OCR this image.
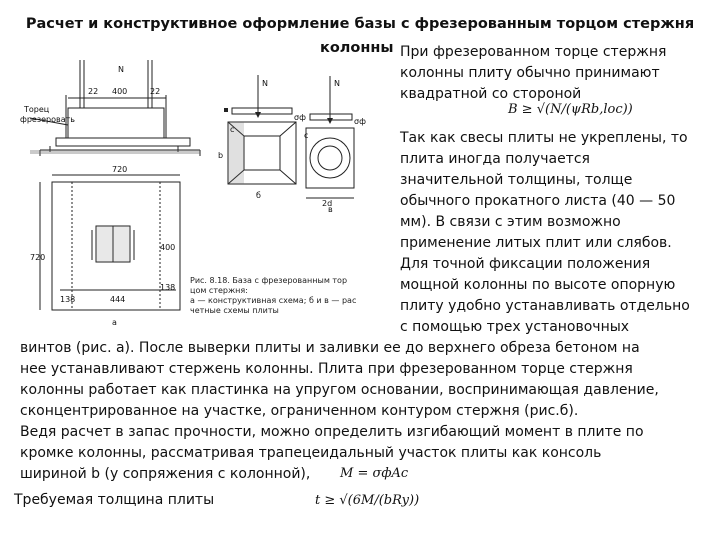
Расчет и конструктивное оформление базы с фрезерованным торцом стержня
колонны При фрезерованном торце стержня
колонны плиту обычно принимают
квадратной со стороной
B ≥ √(N/(ψRb,loc))
Так как свесы плиты не укреплены, то
плита иногда получается
значительной толщины, толще
обычного прокатного листа (40 — 50
мм). В связи с этим возможно
применение литых плит или слябов.
Для точной фиксации положения
мощной колонны по высоте опорную
плиту удобно устанавливать отдельно
с помощью трех установочных
винтов (рис. а). После выверки плиты и заливки ее до верхнего обреза бетоном на
нее устанавливают стержень колонны. Плита при фрезерованном торце стержня
колонны работает как пластинка на упругом основании, воспринимающая давление,
сконцентрированное на участке, ограниченном контуром стержня (рис.б).
Ведя расчет в запас прочности, можно определить изгибающий момент в плите по
кромке колонны, рассматривая трапецеидальный участок плиты как консоль
шириной b (у сопряжения с колонной), M = σфAc
Требуемая толщина плиты	t ≥ √(6M/(bRy))
22 400	22
720
138	444
400
138
720
Торец
фрезеровать
а
б
в
N	N
N
σф	σф
c
b
2d
c
Рис. 8.18. База с фрезерованным тор
цом стержня:
а — конструктивная схема; б и в — рас
четные схемы плиты
